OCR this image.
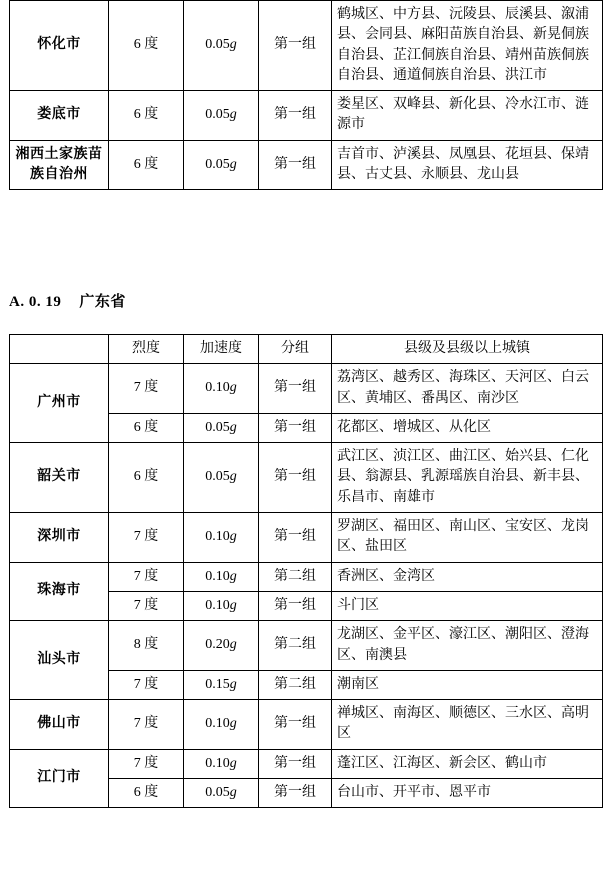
怀化市	6 度	0.05g	第一组	鹤城区、中方县、沅陵县、辰溪县、溆浦县、会同县、麻阳苗族自治县、新晃侗族自治县、芷江侗族自治县、靖州苗族侗族自治县、通道侗族自治县、洪江市
娄底市	6 度	0.05g	第一组	娄星区、双峰县、新化县、冷水江市、涟源市
湘西土家族苗族自治州	6 度	0.05g	第一组	吉首市、泸溪县、凤凰县、花垣县、保靖县、古丈县、永顺县、龙山县
A. 0. 19 广东省
	烈度	加速度	分组	县级及县级以上城镇
广州市	7 度	0.10g	第一组	荔湾区、越秀区、海珠区、天河区、白云区、黄埔区、番禺区、南沙区
	6 度	0.05g	第一组	花都区、增城区、从化区
韶关市	6 度	0.05g	第一组	武江区、浈江区、曲江区、始兴县、仁化县、翁源县、乳源瑶族自治县、新丰县、乐昌市、南雄市
深圳市	7 度	0.10g	第一组	罗湖区、福田区、南山区、宝安区、龙岗区、盐田区
珠海市	7 度	0.10g	第二组	香洲区、金湾区
	7 度	0.10g	第一组	斗门区
汕头市	8 度	0.20g	第二组	龙湖区、金平区、濠江区、潮阳区、澄海区、南澳县
	7 度	0.15g	第二组	潮南区
佛山市	7 度	0.10g	第一组	禅城区、南海区、顺德区、三水区、高明区
江门市	7 度	0.10g	第一组	蓬江区、江海区、新会区、鹤山市
	6 度	0.05g	第一组	台山市、开平市、恩平市
